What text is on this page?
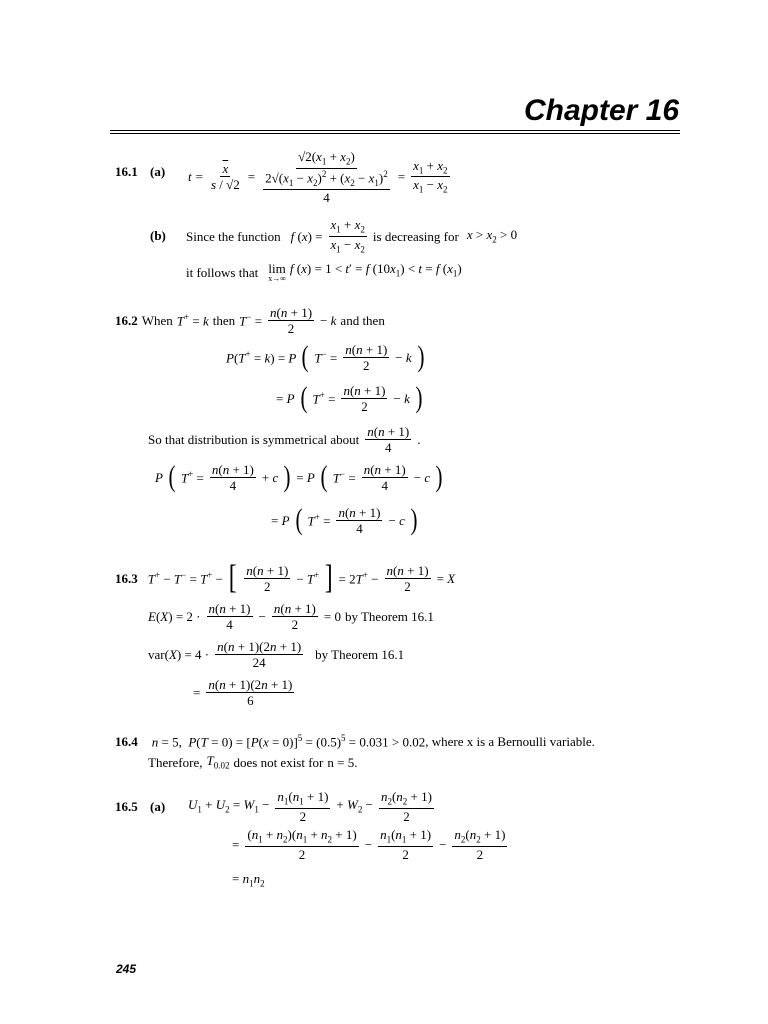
Chapter 16
16.1 (a) $t = \frac{\overline{x}}{s / √2} = \frac{√2(x_1 + x_2)}{\frac{2√(x_1 - x_2)^2 + (x_2 - x_1)^2}{4}} = \frac{x_1 + x_2}{x_1 - x_2}$
(b) Since the function f $(x) = \frac{x_1 + x_2}{x_1 - x_2}$ is decreasing for $x > x_2 > 0$
it follows that lim
x→∞
f (x) = 1 < t′ = f $(10x_1) < t = f$ $(x_1)$
16.2 When T+ = k then $T^- = \frac{n(n + 1)}{2} - k$ and then
P(T+ = k) = P ( $T^- = \frac{n(n + 1)}{2} - k$ )
= P ( $T^+ = \frac{n(n + 1)}{2} - k$ )
So that distribution is symmetrical about $\frac{n(n + 1)}{4}$ .
P ( $T^+ = \frac{n(n + 1)}{4} + c$ ) = P ( $T^- = \frac{n(n + 1)}{4} - c$ )
= P ( $T^+ = \frac{n(n + 1)}{4} - c$ )
16.3 T+ − T− = T+ − [ $\frac{n(n + 1)}{2} - T^+$ ] = $2T^+ - \frac{n(n + 1)}{2} = X$
$E(X) = 2 \cdot \frac{n(n + 1)}{4} - \frac{n(n + 1)}{2} = 0$ by Theorem 16.1
$var(X) = 4 \cdot \frac{n(n + 1)(2n + 1)}{24}$ by Theorem 16.1
= $\frac{n(n + 1)(2n + 1)}{6}$
16.4 n = 5,  $P(T = 0) = [P(x = 0)]^5 = (0.5)^5 = 0.031 > 0.02$ , where x is a Bernoulli variable.
Therefore, $T_{0.02}$ does not exist for n = 5.
16.5 (a) $U_1 + U_2 = W_1 - \frac{n_1(n_1 + 1)}{2} + W_2 - \frac{n_2(n_2 + 1)}{2}$
= $\frac{(n_1 + n_2)(n_1 + n_2 + 1)}{2} - \frac{n_1(n_1 + 1)}{2} - \frac{n_2(n_2 + 1)}{2}$
= $n_1n_2$
245
